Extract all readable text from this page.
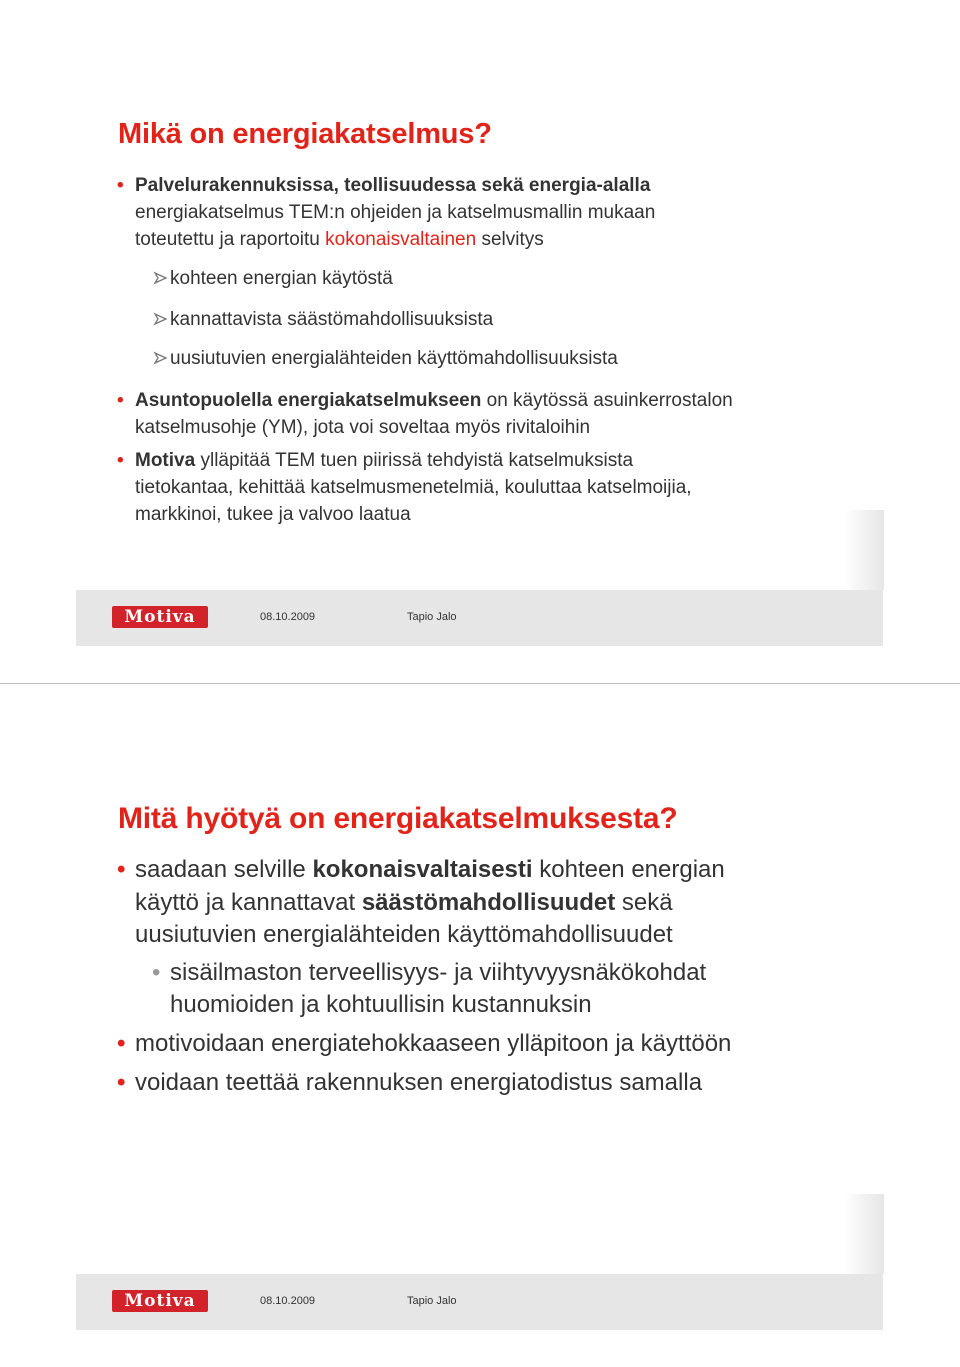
Mikä on energiakatselmus?
• Palvelurakennuksissa, teollisuudessa sekä energia-alalla
energiakatselmus TEM:n ohjeiden ja katselmusmallin mukaan
toteutettu ja raportoitu kokonaisvaltainen selvitys
kohteen energian käytöstä
kannattavista säästömahdollisuuksista
uusiutuvien energialähteiden käyttömahdollisuuksista
• Asuntopuolella energiakatselmukseen on käytössä asuinkerrostalon
katselmusohje (YM), jota voi soveltaa myös rivitaloihin
• Motiva ylläpitää TEM tuen piirissä tehdyistä katselmuksista
tietokantaa, kehittää katselmusmenetelmiä, kouluttaa katselmoijia,
markkinoi, tukee ja valvoo laatua
Motiva	08.10.2009	Tapio Jalo
Mitä hyötyä on energiakatselmuksesta?
• saadaan selville kokonaisvaltaisesti kohteen energian
käyttö ja kannattavat säästömahdollisuudet sekä
uusiutuvien energialähteiden käyttömahdollisuudet
• sisäilmaston terveellisyys- ja viihtyvyysnäkökohdat
huomioiden ja kohtuullisin kustannuksin
• motivoidaan energiatehokkaaseen ylläpitoon ja käyttöön
• voidaan teettää rakennuksen energiatodistus samalla
Motiva	08.10.2009	Tapio Jalo
